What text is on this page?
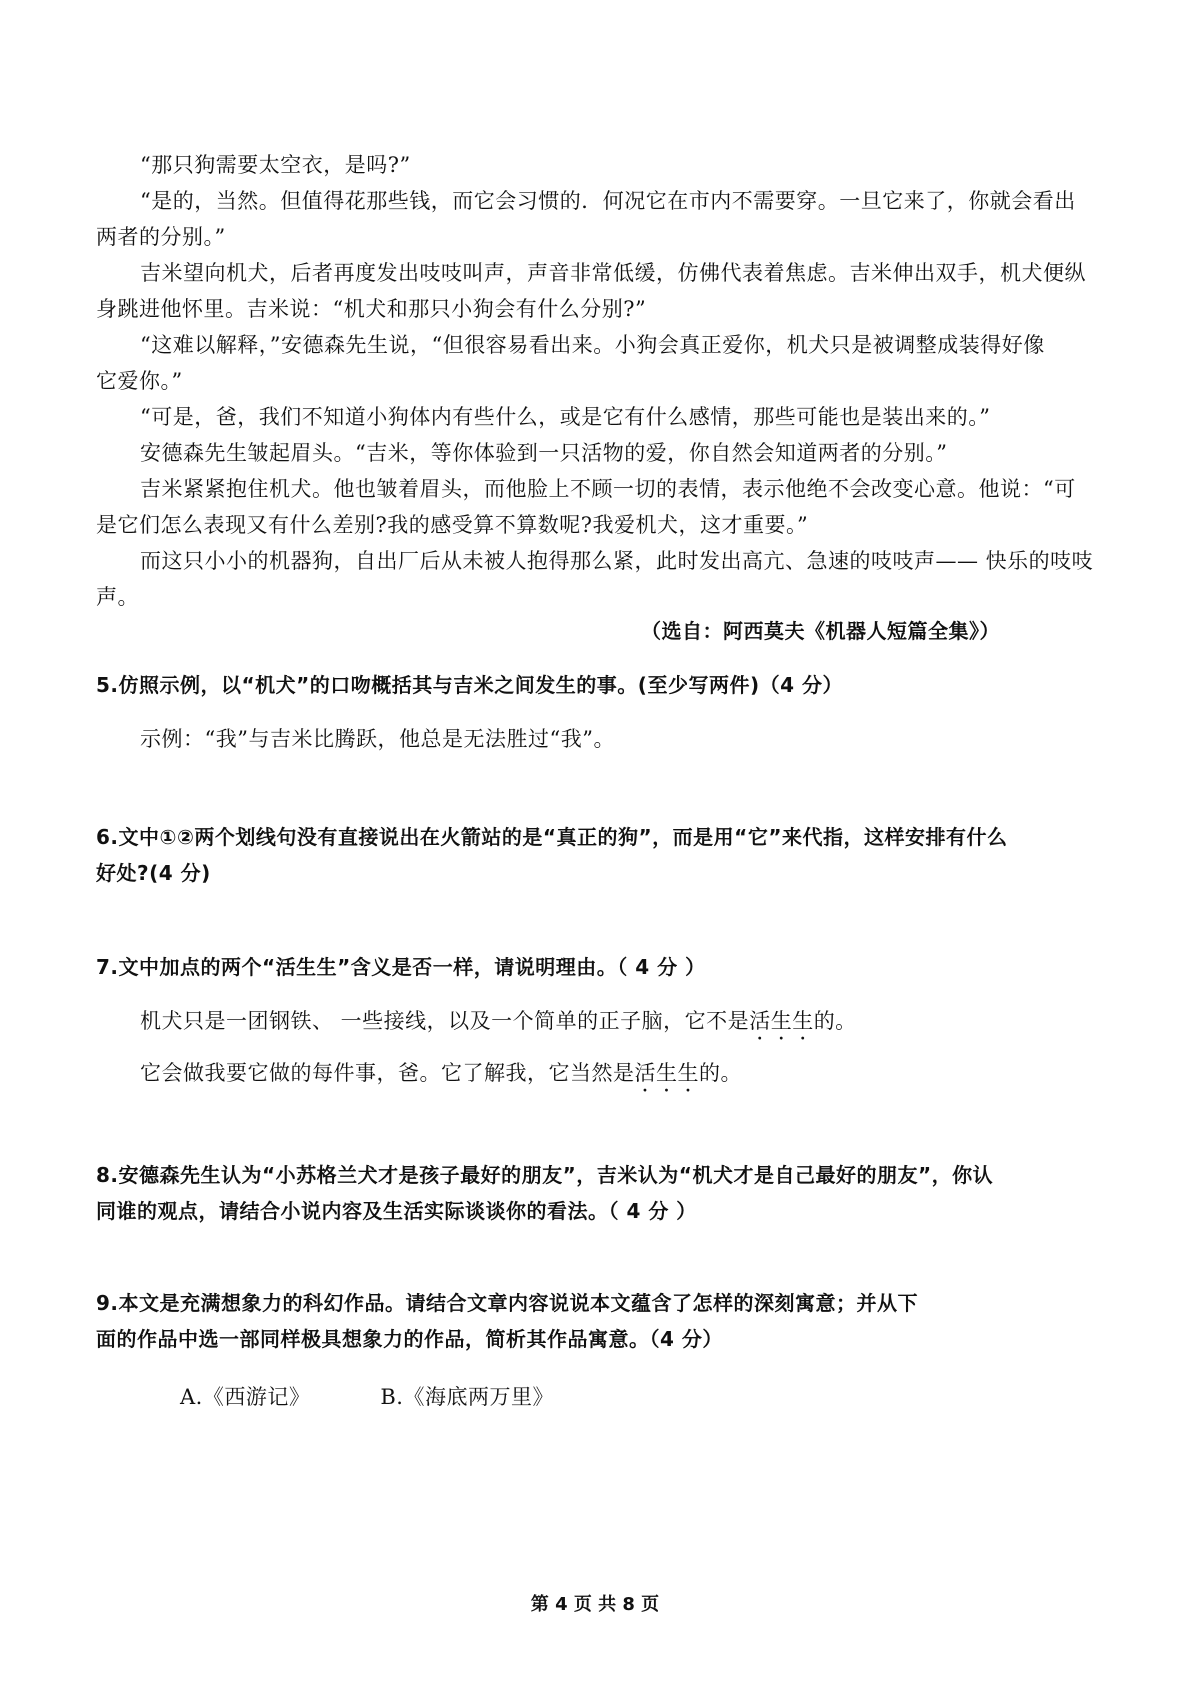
“那只狗需要太空衣，是吗?”
“是的，当然。但值得花那些钱，而它会习惯的．何况它在市内不需要穿。一旦它来了，你就会看出
两者的分别。”
吉米望向机犬，后者再度发出吱吱叫声，声音非常低缓，仿佛代表着焦虑。吉米伸出双手，机犬便纵
身跳进他怀里。吉米说：“机犬和那只小狗会有什么分别?”
“这难以解释，”安德森先生说，“但很容易看出来。小狗会真正爱你，机犬只是被调整成装得好像
它爱你。”
“可是，爸，我们不知道小狗体内有些什么，或是它有什么感情，那些可能也是装出来的。”
安德森先生皱起眉头。“吉米，等你体验到一只活物的爱，你自然会知道两者的分别。”
吉米紧紧抱住机犬。他也皱着眉头，而他脸上不顾一切的表情，表示他绝不会改变心意。他说：“可
是它们怎么表现又有什么差别?我的感受算不算数呢?我爱机犬，这才重要。”
而这只小小的机器狗，自出厂后从未被人抱得那么紧，此时发出高亢、急速的吱吱声—— 快乐的吱吱
声。
（选自：阿西莫夫《机器人短篇全集》）
5.仿照示例，以“机犬”的口吻概括其与吉米之间发生的事。(至少写两件)（4 分）
示例：“我”与吉米比腾跃，他总是无法胜过“我”。
6.文中①②两个划线句没有直接说出在火箭站的是“真正的狗”，而是用“它”来代指，这样安排有什么
好处?(4 分)
7.文中加点的两个“活生生”含义是否一样，请说明理由。（ 4 分 ）
机犬只是一团钢铁、 一些接线，以及一个简单的正子脑，它不是活生生的。
它会做我要它做的每件事，爸。它了解我，它当然是活生生的。
8.安德森先生认为“小苏格兰犬才是孩子最好的朋友”，吉米认为“机犬才是自己最好的朋友”，你认
同谁的观点，请结合小说内容及生活实际谈谈你的看法。（ 4 分 ）
9.本文是充满想象力的科幻作品。请结合文章内容说说本文蕴含了怎样的深刻寓意；并从下
面的作品中选一部同样极具想象力的作品，简析其作品寓意。（4 分）
A.《西游记》	B.《海底两万里》
第 4 页 共 8 页
